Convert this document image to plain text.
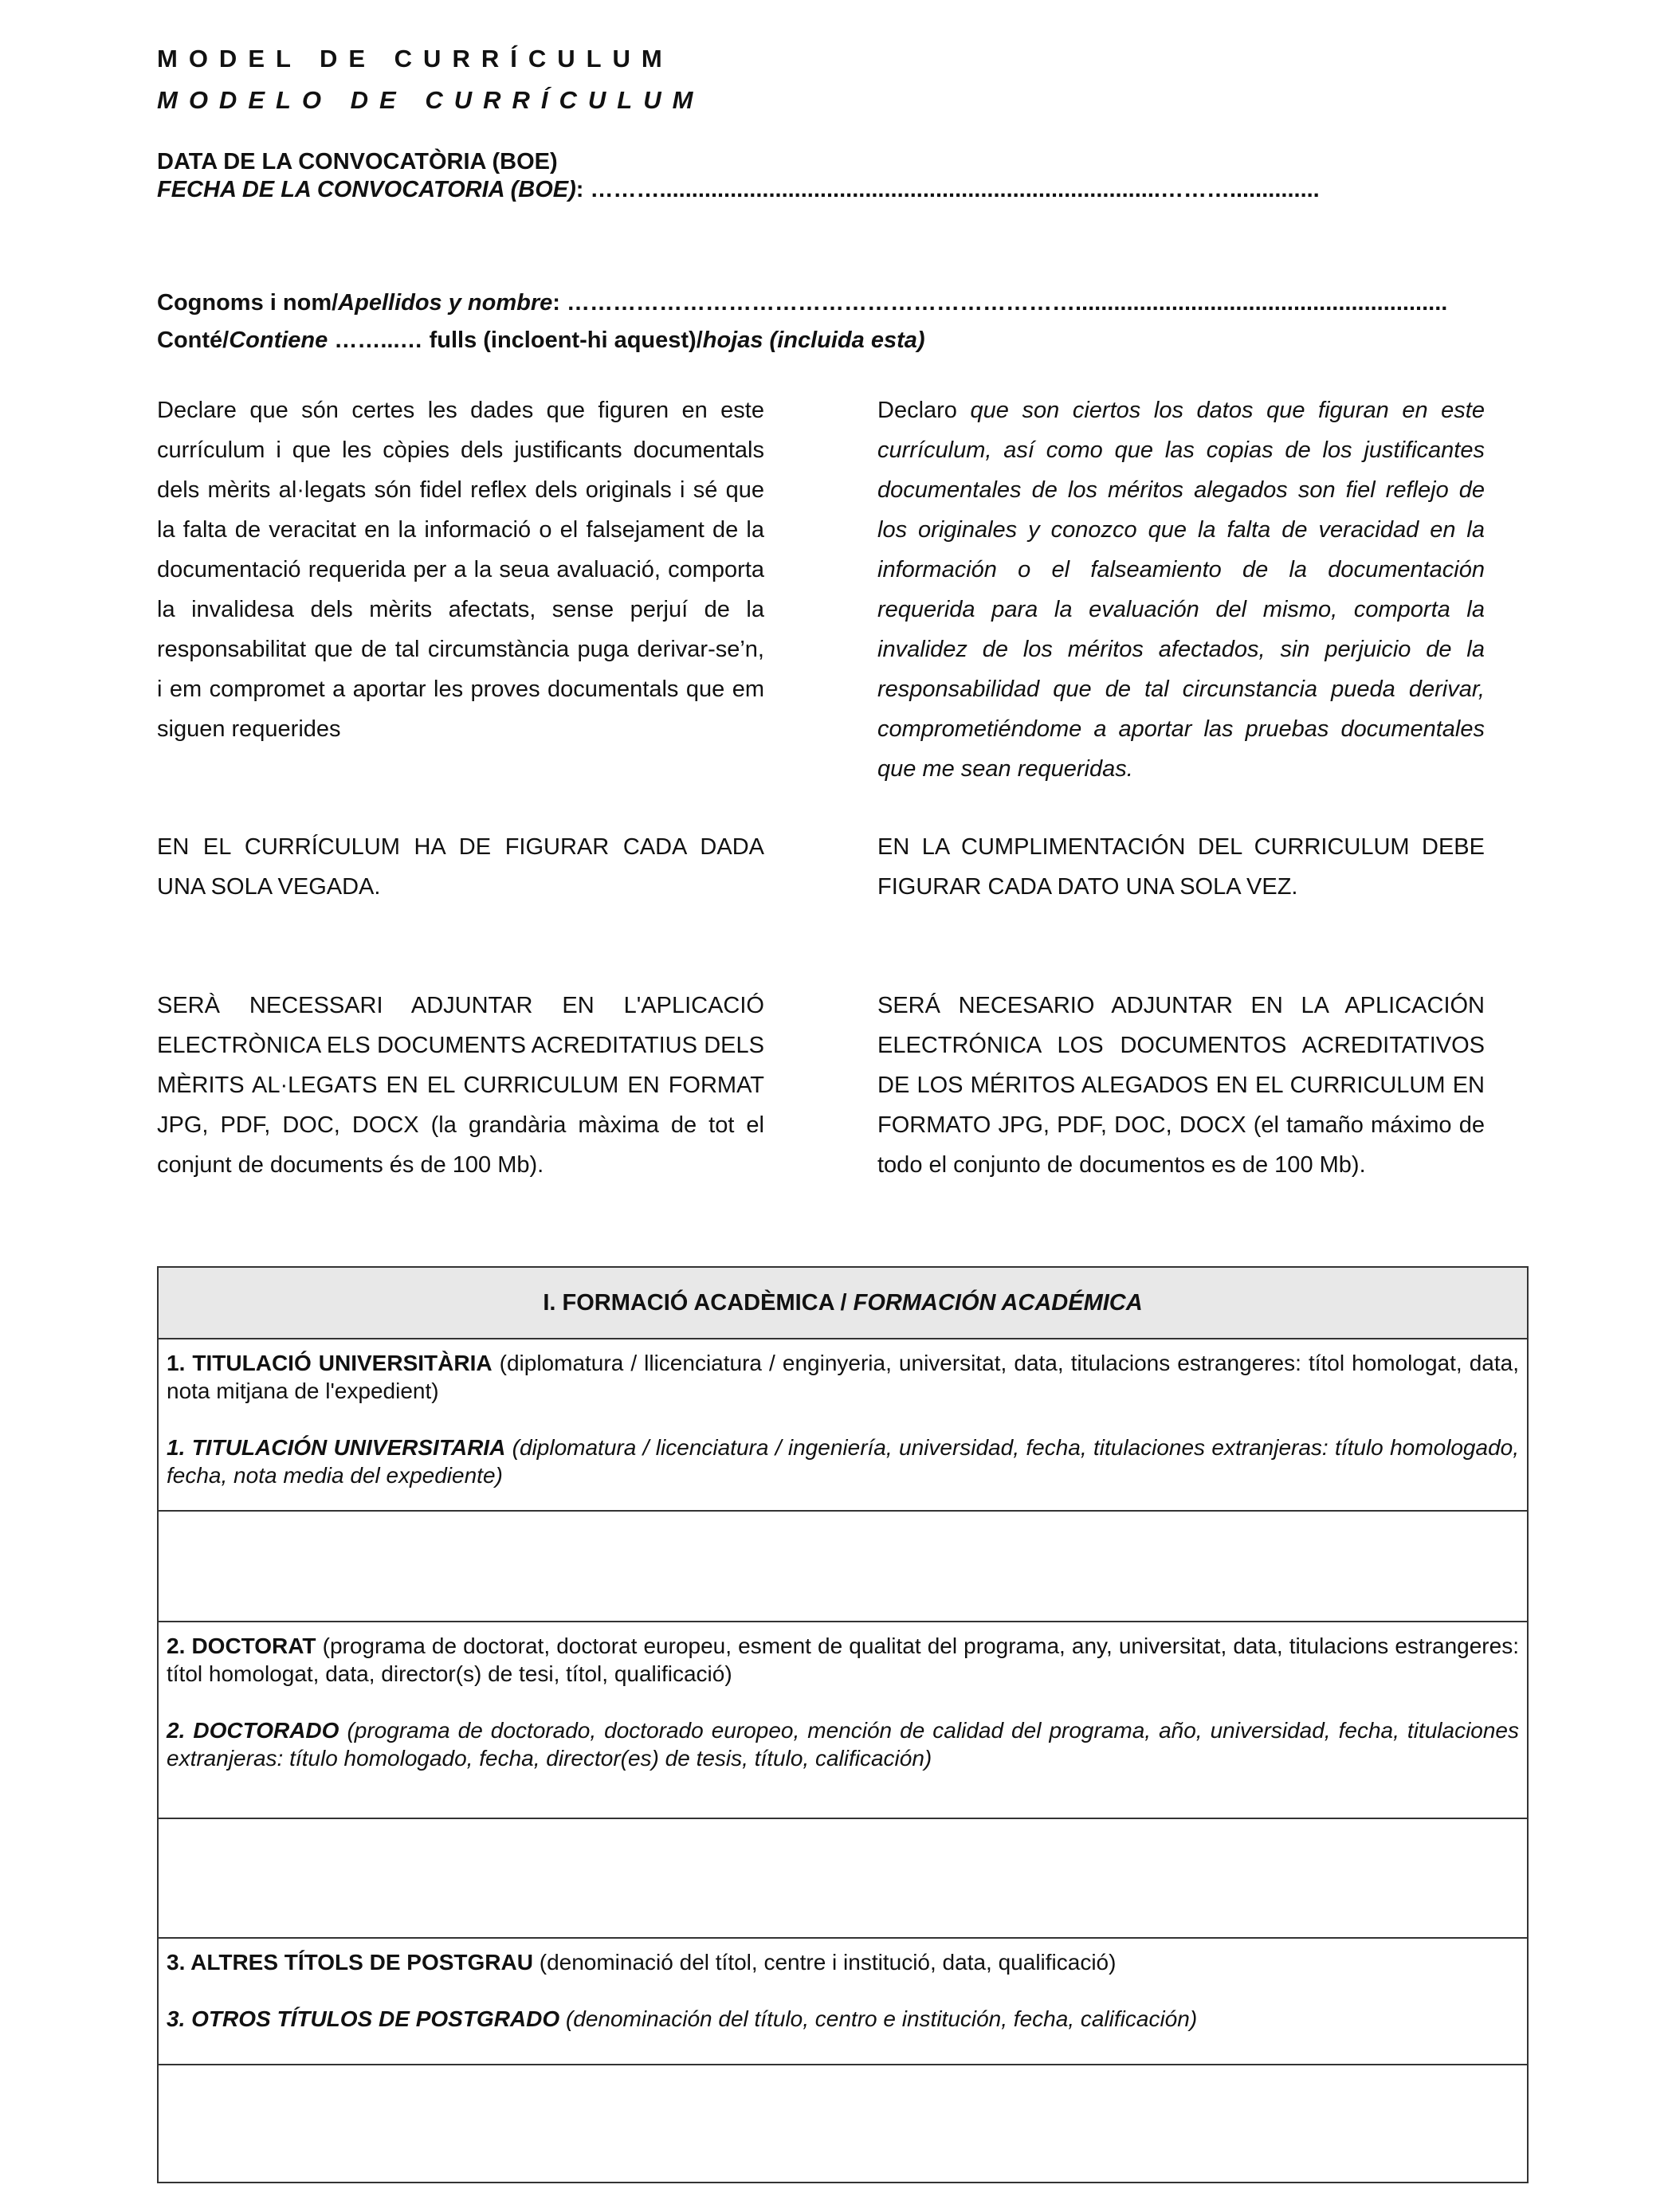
MODEL DE CURRÍCULUM
MODELO DE CURRÍCULUM
DATA DE LA CONVOCATÒRIA (BOE)
FECHA DE LA CONVOCATORIA (BOE): ………..............................................................................………..............
Cognoms i nom/Apellidos y nombre: …………………………………………………………..........................................................
Conté/Contiene ……...… fulls (incloent-hi aquest)/hojas (incluida esta)

Declare que són certes les dades que figuren en este currículum i que les còpies dels justificants documentals dels mèrits al·legats són fidel reflex dels originals i sé que la falta de veracitat en la informació o el falsejament de la documentació requerida per a la seua avaluació, comporta la invalidesa dels mèrits afectats, sense perjuí de la responsabilitat que de tal circumstància puga derivar-se’n, i em compromet a aportar les proves documentals que em siguen requerides

Declaro que son ciertos los datos que figuran en este currículum, así como que las copias de los justificantes documentales de los méritos alegados son fiel reflejo de los originales y conozco que la falta de veracidad en la información o el falseamiento de la documentación requerida para la evaluación del mismo, comporta la invalidez de los méritos afectados, sin perjuicio de la responsabilidad que de tal circunstancia pueda derivar, comprometiéndome a aportar las pruebas documentales que me sean requeridas.

EN EL CURRÍCULUM HA DE FIGURAR CADA DADA UNA SOLA VEGADA.

EN LA CUMPLIMENTACIÓN DEL CURRICULUM DEBE FIGURAR CADA DATO UNA SOLA VEZ.

SERÀ NECESSARI ADJUNTAR EN L'APLICACIÓ ELECTRÒNICA ELS DOCUMENTS ACREDITATIUS DELS MÈRITS AL·LEGATS EN EL CURRICULUM EN FORMAT JPG, PDF, DOC, DOCX (la grandària màxima de tot el conjunt de documents és de 100 Mb).

SERÁ NECESARIO ADJUNTAR EN LA APLICACIÓN ELECTRÓNICA LOS DOCUMENTOS ACREDITATIVOS DE LOS MÉRITOS ALEGADOS EN EL CURRICULUM EN FORMATO JPG, PDF, DOC, DOCX (el tamaño máximo de todo el conjunto de documentos es de 100 Mb).

I. FORMACIÓ ACADÈMICA / FORMACIÓN ACADÉMICA

1. TITULACIÓ UNIVERSITÀRIA (diplomatura / llicenciatura / enginyeria, universitat, data, titulacions estrangeres: títol homologat, data, nota mitjana de l'expedient)

1. TITULACIÓN UNIVERSITARIA (diplomatura / licenciatura / ingeniería, universidad, fecha, titulaciones extranjeras: título homologado, fecha, nota media del expediente)

2. DOCTORAT (programa de doctorat, doctorat europeu, esment de qualitat del programa, any, universitat, data, titulacions estrangeres: títol homologat, data, director(s) de tesi, títol, qualificació)

2. DOCTORADO (programa de doctorado, doctorado europeo, mención de calidad del programa, año, universidad, fecha, titulaciones extranjeras: título homologado, fecha, director(es) de tesis, título, calificación)

3. ALTRES TÍTOLS DE POSTGRAU (denominació del títol, centre i institució, data, qualificació)

3. OTROS TÍTULOS DE POSTGRADO (denominación del título, centro e institución, fecha, calificación)
